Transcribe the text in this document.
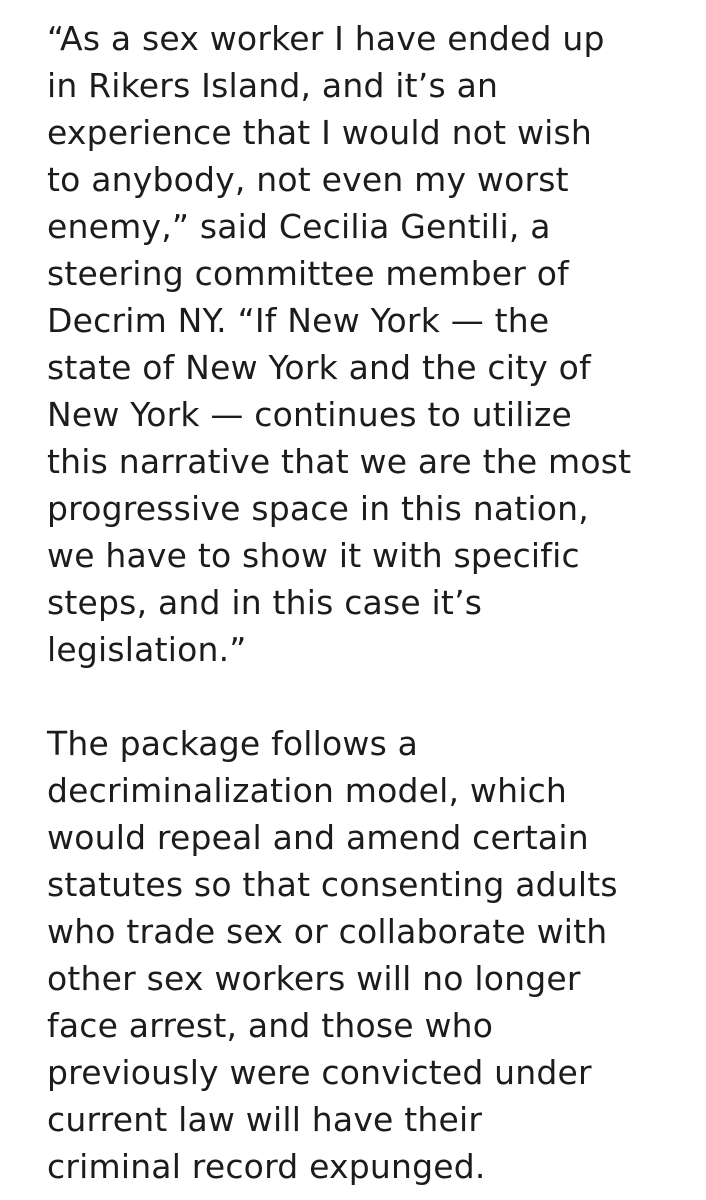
“As a sex worker I have ended up

in Rikers Island, and it’s an

experience that I would not wish

to anybody, not even my worst

enemy,” said Cecilia Gentili, a

steering committee member of

Decrim NY. “If New York — the

state of New York and the city of

New York — continues to utilize

this narrative that we are the most

progressive space in this nation,

we have to show it with specific

steps, and in this case it’s

legislation.”

The package follows a

decriminalization model, which

would repeal and amend certain

statutes so that consenting adults

who trade sex or collaborate with

other sex workers will no longer

face arrest, and those who

previously were convicted under

current law will have their

criminal record expunged.
